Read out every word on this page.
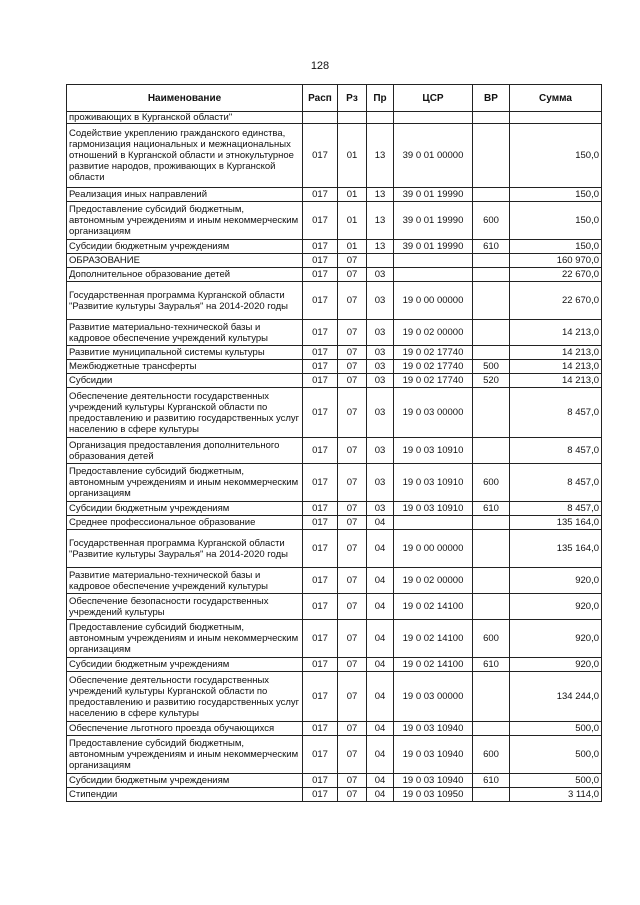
128
Наименование	Расп	Рз	Пр	ЦСР	ВР	Сумма
проживающих в Курганской области"						
Содействие укреплению гражданского единства, гармонизация национальных и межнациональных отношений в Курганской области и этнокультурное развитие народов, проживающих в Курганской области	017	01	13	39 0 01 00000		150,0
Реализация иных направлений	017	01	13	39 0 01 19990		150,0
Предоставление субсидий бюджетным, автономным учреждениям и иным некоммерческим организациям	017	01	13	39 0 01 19990	600	150,0
Субсидии бюджетным учреждениям	017	01	13	39 0 01 19990	610	150,0
ОБРАЗОВАНИЕ	017	07				160 970,0
Дополнительное образование детей	017	07	03			22 670,0
Государственная программа Курганской области "Развитие культуры Зауралья" на 2014-2020 годы	017	07	03	19 0 00 00000		22 670,0
Развитие материально-технической базы и кадровое обеспечение учреждений культуры	017	07	03	19 0 02 00000		14 213,0
Развитие муниципальной системы культуры	017	07	03	19 0 02 17740		14 213,0
Межбюджетные трансферты	017	07	03	19 0 02 17740	500	14 213,0
Субсидии	017	07	03	19 0 02 17740	520	14 213,0
Обеспечение деятельности государственных учреждений культуры Курганской области по предоставлению и развитию государственных услуг населению в сфере культуры	017	07	03	19 0 03 00000		8 457,0
Организация предоставления дополнительного образования детей	017	07	03	19 0 03 10910		8 457,0
Предоставление субсидий бюджетным, автономным учреждениям и иным некоммерческим организациям	017	07	03	19 0 03 10910	600	8 457,0
Субсидии бюджетным учреждениям	017	07	03	19 0 03 10910	610	8 457,0
Среднее профессиональное образование	017	07	04			135 164,0
Государственная программа Курганской области "Развитие культуры Зауралья" на 2014-2020 годы	017	07	04	19 0 00 00000		135 164,0
Развитие материально-технической базы и кадровое обеспечение учреждений культуры	017	07	04	19 0 02 00000		920,0
Обеспечение безопасности государственных учреждений культуры	017	07	04	19 0 02 14100		920,0
Предоставление субсидий бюджетным, автономным учреждениям и иным некоммерческим организациям	017	07	04	19 0 02 14100	600	920,0
Субсидии бюджетным учреждениям	017	07	04	19 0 02 14100	610	920,0
Обеспечение деятельности государственных учреждений культуры Курганской области по предоставлению и развитию государственных услуг населению в сфере культуры	017	07	04	19 0 03 00000		134 244,0
Обеспечение льготного проезда обучающихся	017	07	04	19 0 03 10940		500,0
Предоставление субсидий бюджетным, автономным учреждениям и иным некоммерческим организациям	017	07	04	19 0 03 10940	600	500,0
Субсидии бюджетным учреждениям	017	07	04	19 0 03 10940	610	500,0
Стипендии	017	07	04	19 0 03 10950		3 114,0
